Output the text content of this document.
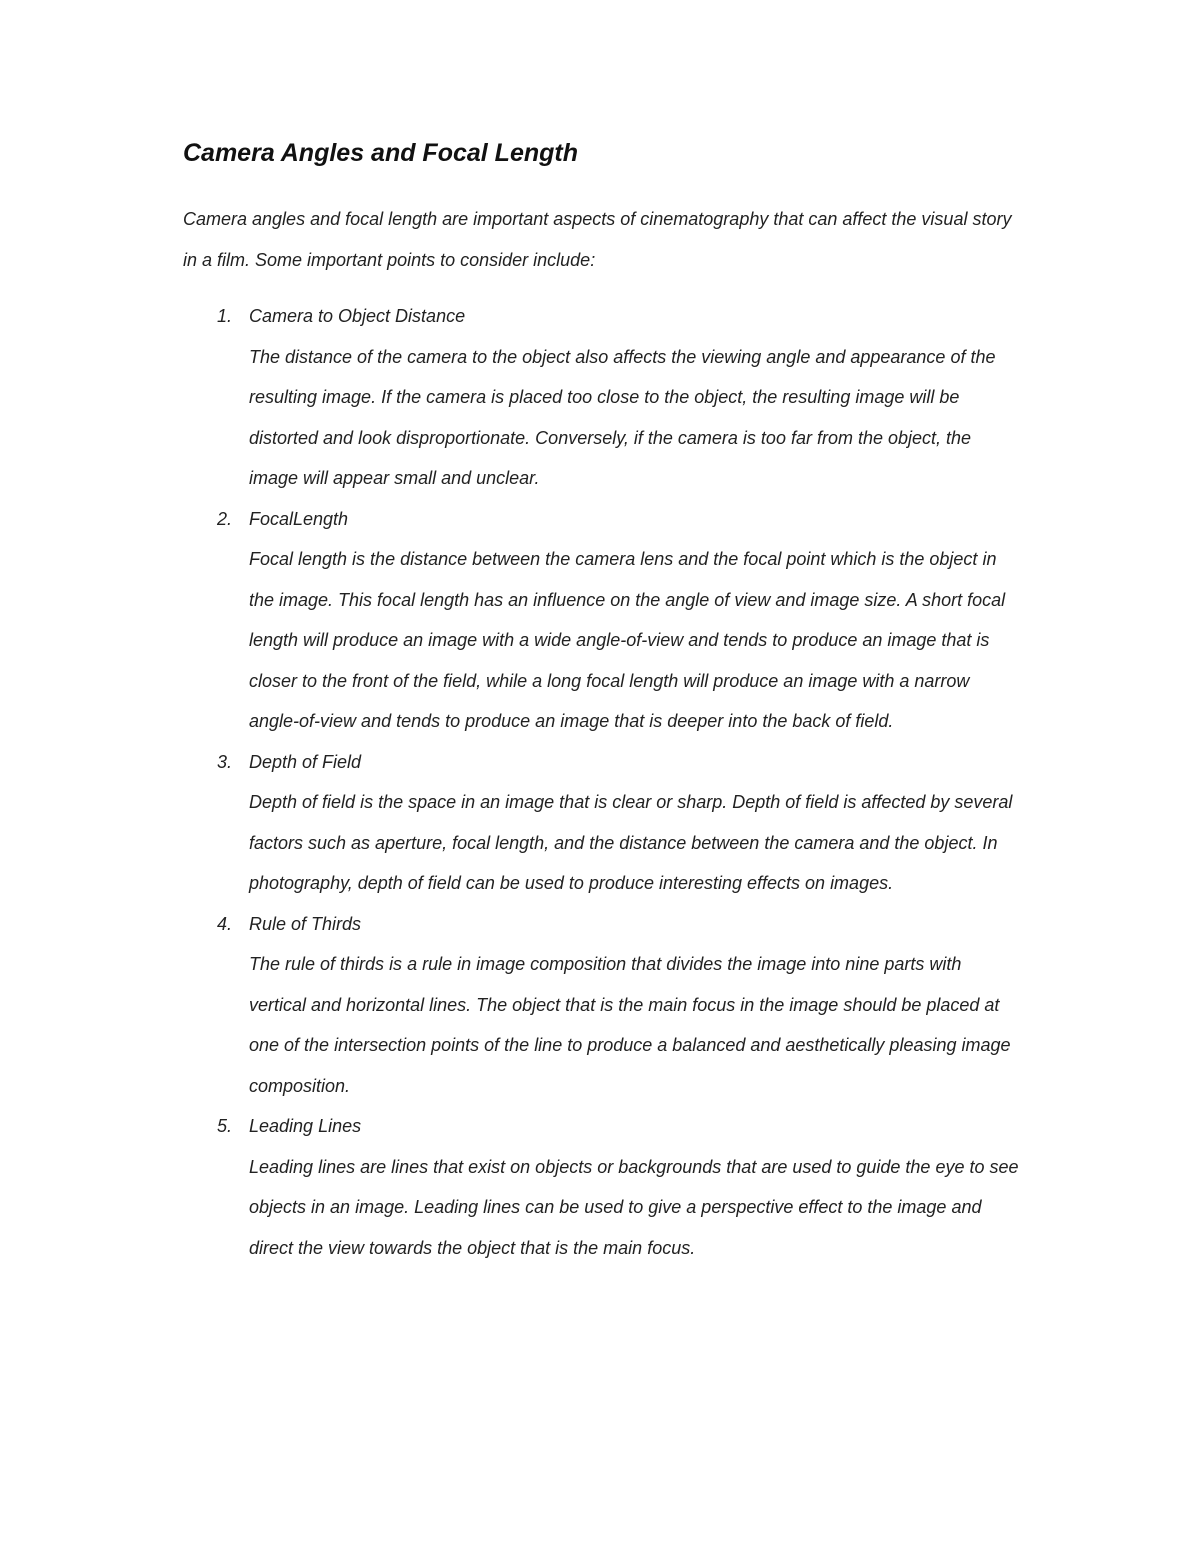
Camera Angles and Focal Length

Camera angles and focal length are important aspects of cinematography that can affect the visual story in a film. Some important points to consider include:

1. Camera to Object Distance

The distance of the camera to the object also affects the viewing angle and appearance of the resulting image. If the camera is placed too close to the object, the resulting image will be distorted and look disproportionate. Conversely, if the camera is too far from the object, the image will appear small and unclear.

2. FocalLength

Focal length is the distance between the camera lens and the focal point which is the object in the image. This focal length has an influence on the angle of view and image size. A short focal length will produce an image with a wide angle-of-view and tends to produce an image that is closer to the front of the field, while a long focal length will produce an image with a narrow angle-of-view and tends to produce an image that is deeper into the back of field.

3. Depth of Field

Depth of field is the space in an image that is clear or sharp. Depth of field is affected by several factors such as aperture, focal length, and the distance between the camera and the object. In photography, depth of field can be used to produce interesting effects on images.

4. Rule of Thirds

The rule of thirds is a rule in image composition that divides the image into nine parts with vertical and horizontal lines. The object that is the main focus in the image should be placed at one of the intersection points of the line to produce a balanced and aesthetically pleasing image composition.

5. Leading Lines

Leading lines are lines that exist on objects or backgrounds that are used to guide the eye to see objects in an image. Leading lines can be used to give a perspective effect to the image and direct the view towards the object that is the main focus.
